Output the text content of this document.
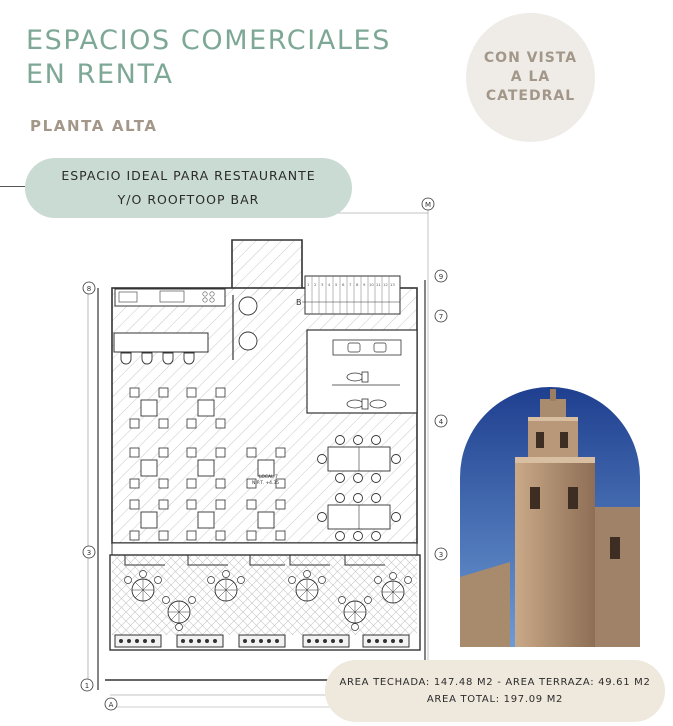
ESPACIOS COMERCIALES
EN RENTA
PLANTA ALTA
CON VISTA
A LA
CATEDRAL
B
1 2 3 4 5 6 7 8 9 10 11 12 13
LOCAL 7
N.P.T. +4.35
8
9
7
4
3	3
1
M
A
ESPACIO IDEAL PARA RESTAURANTE
Y/O ROOFTOOP BAR
AREA TECHADA: 147.48 M2 - AREA TERRAZA: 49.61 M2
AREA TOTAL: 197.09 M2
